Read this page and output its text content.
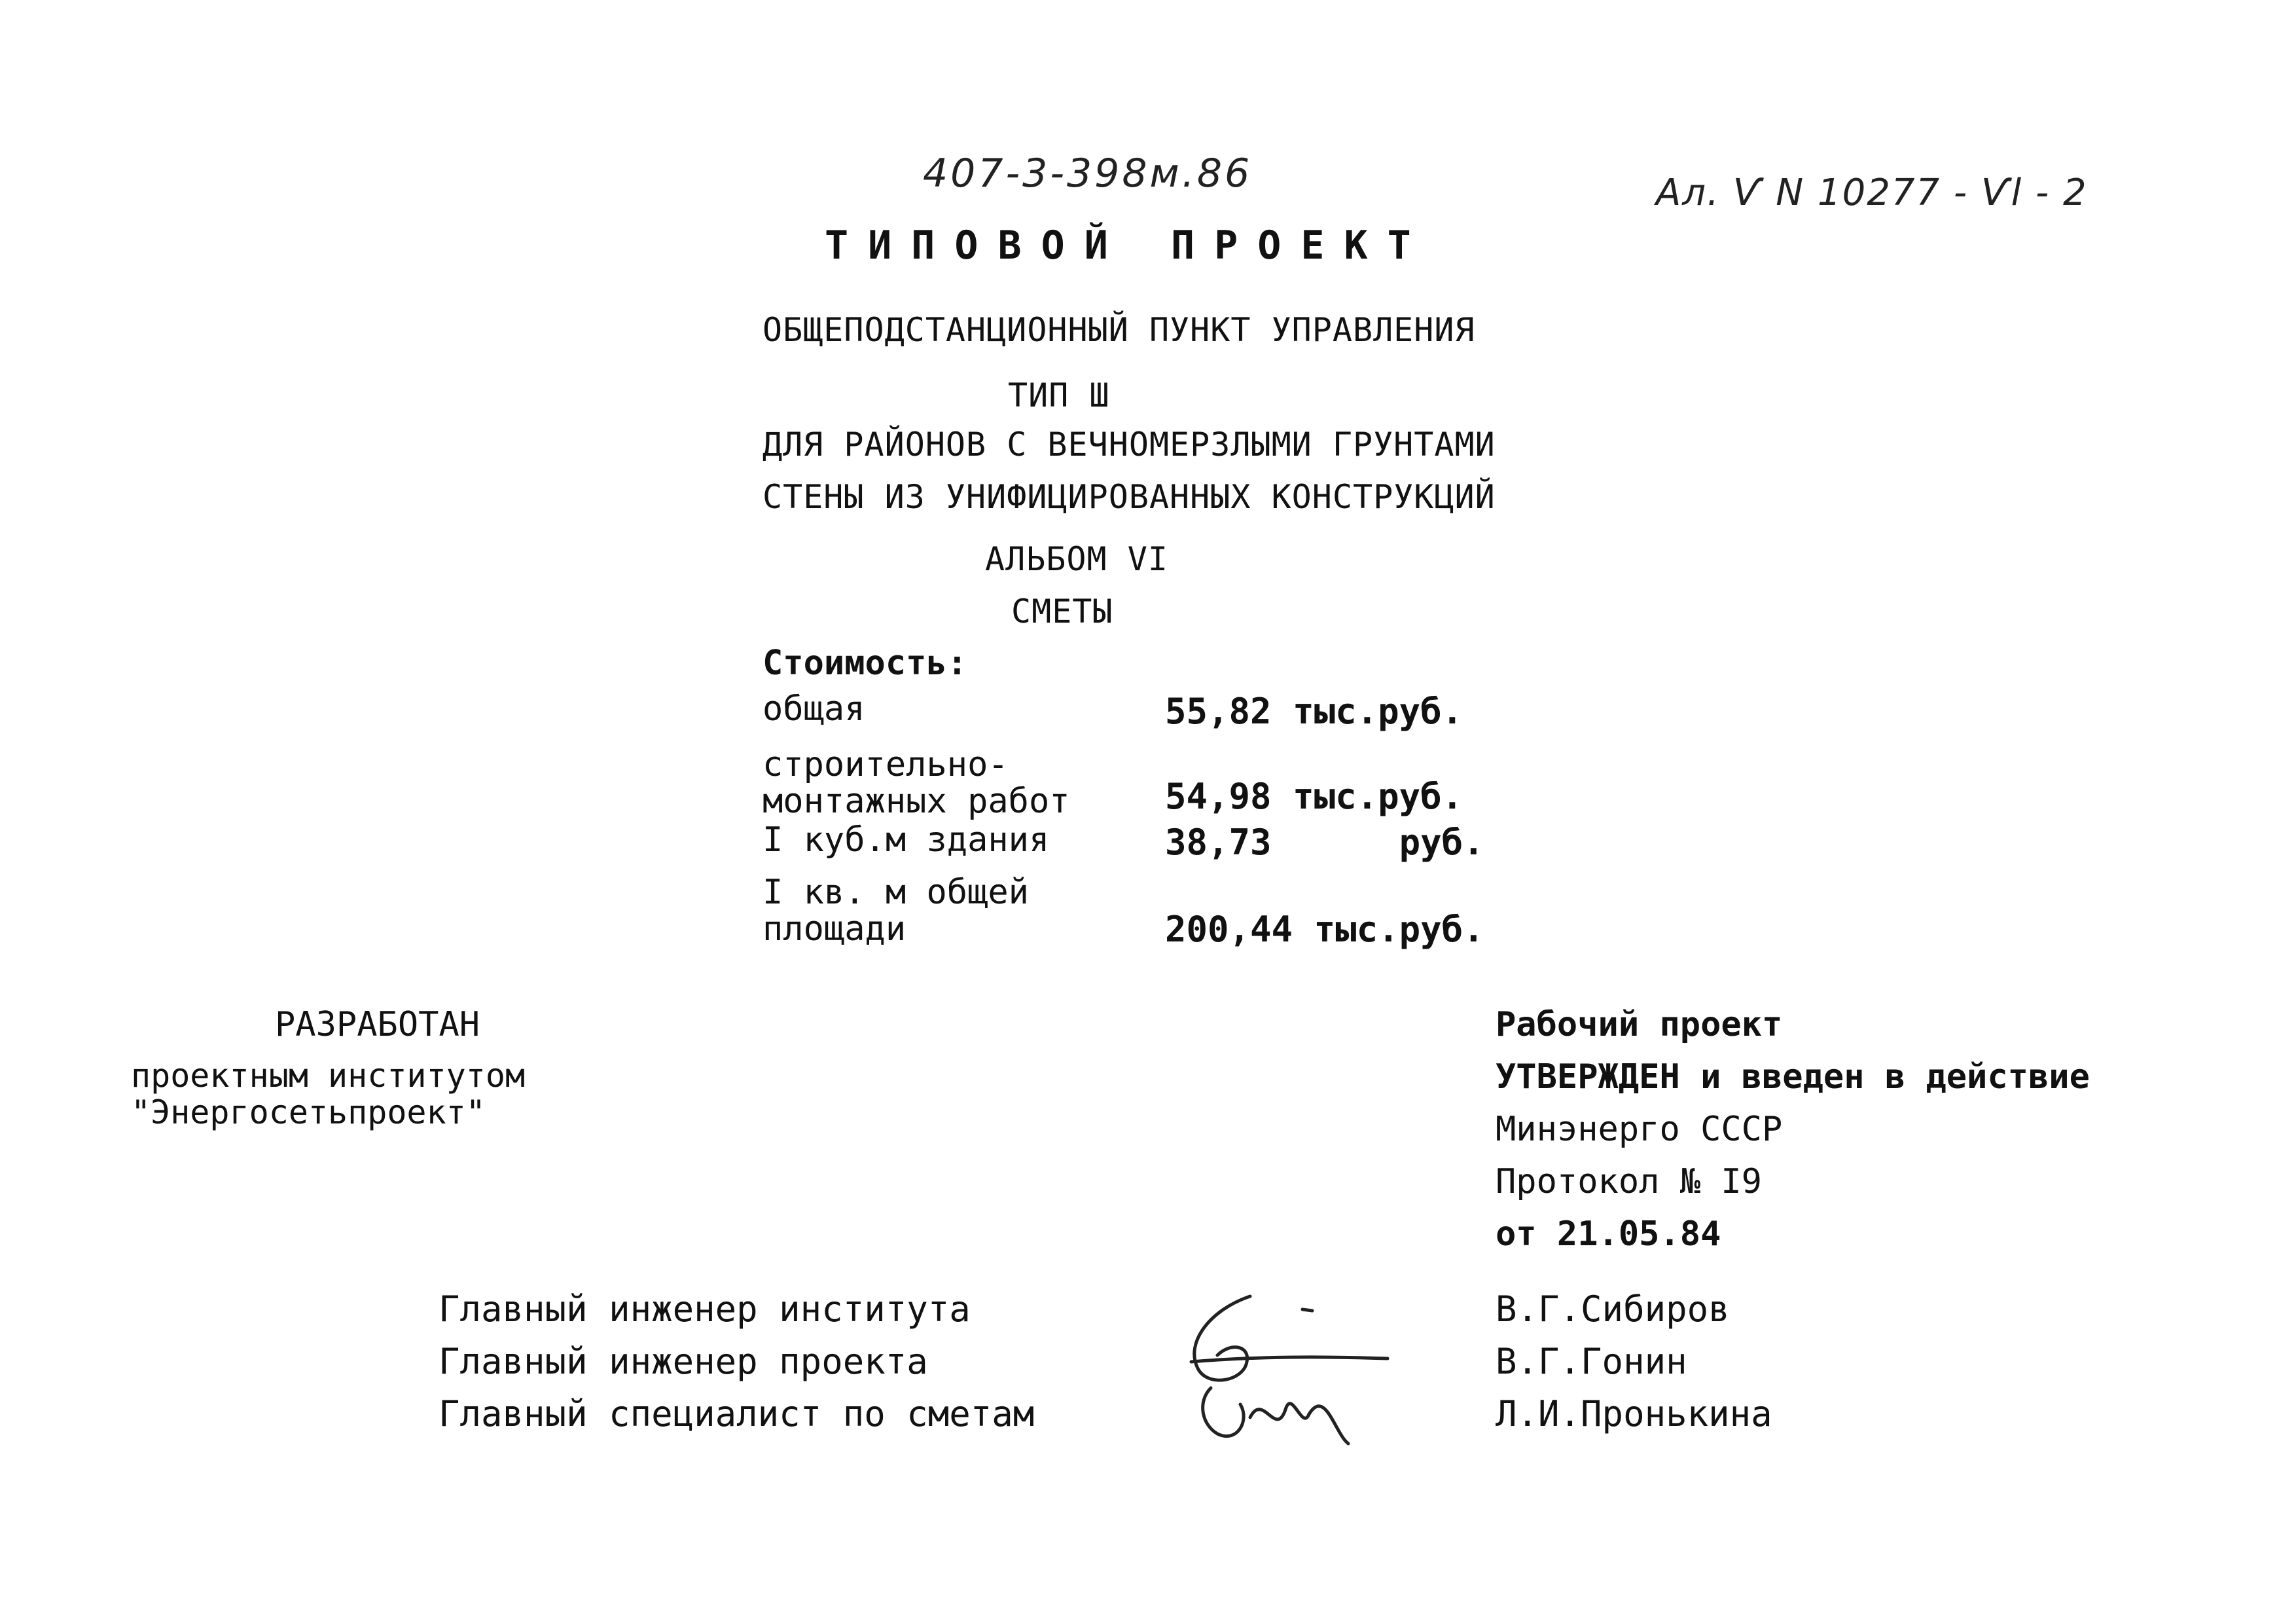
407-3-398м.86	Ал. Ѵ N 10277 - Ѵl - 2
ТИПОВОЙ ПРОЕКТ
ОБЩЕПОДСТАНЦИОННЫЙ ПУНКТ УПРАВЛЕНИЯ
ТИП Ш
ДЛЯ РАЙОНОВ С ВЕЧНОМЕРЗЛЫМИ ГРУНТАМИ
СТЕНЫ ИЗ УНИФИЦИРОВАННЫХ КОНСТРУКЦИЙ
АЛЬБОМ VI
СМЕТЫ
Стоимость:
общая	55,82 тыс.руб.
строительно-
монтажных работ	54,98 тыс.руб.
I куб.м здания	38,73      руб.
I кв. м общей
площади	200,44 тыс.руб.
РАЗРАБОТАН
проектным институтом
"Энергосетьпроект"
Рабочий проект
УТВЕРЖДЕН и введен в действие
Минэнерго СССР
Протокол № I9
от 21.05.84
Главный инженер института
Главный инженер проекта
Главный специалист по сметам
В.Г.Сибиров
В.Г.Гонин
Л.И.Пронькина
